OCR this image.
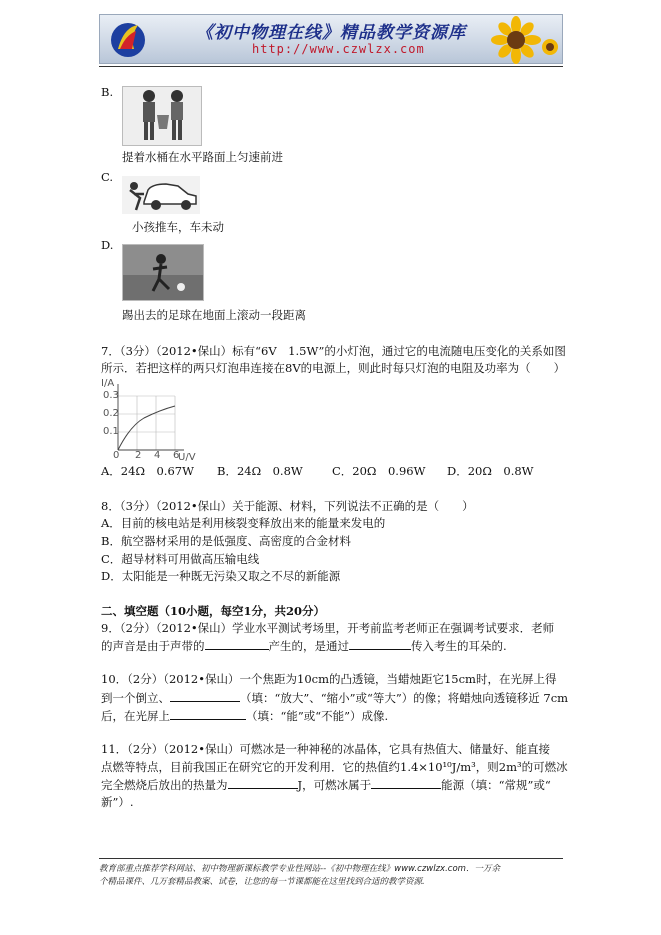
《初中物理在线》精品教学资源库
http://www.czwlzx.com
B.
提着水桶在水平路面上匀速前进
C.
小孩推车，车未动
D.
踢出去的足球在地面上滚动一段距离
7．（3分）（2012•保山）标有“6V　1.5W”的小灯泡，通过它的电流随电压变化的关系如图
所示．若把这样的两只灯泡串连接在8V的电源上，则此时每只灯泡的电阻及功率为（　　）
I/A
U/V
0.3
0.2
0.1
0 2 4 6
A．24Ω　0.67W B．24Ω　0.8W	C．20Ω　0.96W D．20Ω　0.8W
8．（3分）（2012•保山）关于能源、材料，下列说法不正确的是（　　）
A．目前的核电站是利用核裂变释放出来的能量来发电的
B．航空器材采用的是低强度、高密度的合金材料
C．超导材料可用做高压输电线
D．太阳能是一种既无污染又取之不尽的新能源
二、填空题（10小题，每空1分，共20分）
9．（2分）（2012•保山）学业水平测试考场里，开考前监考老师正在强调考试要求．老师
的声音是由于声带的	产生的，是通过	传入考生的耳朵的.
10．（2分）（2012•保山）一个焦距为10cm的凸透镜，当蜡烛距它15cm时，在光屏上得
到一个倒立、	（填：“放大”、“缩小”或“等大”）的像；将蜡烛向透镜移近 7cm
后，在光屏上	（填：“能”或“不能”）成像.
11．（2分）（2012•保山）可燃冰是一种神秘的冰晶体，它具有热值大、储量好、能直接
点燃等特点，目前我国正在研究它的开发利用．它的热值约1.4×10¹⁰J/m³，则2m³的可燃冰
完全燃烧后放出的热量为	J，可燃冰属于	能源（填：“常规”或“
新”）.
教育部重点推荐学科网站、初中物理新课标教学专业性网站--《初中物理在线》www.czwlzx.com．一万余
个精品课件、几万套精品教案、试卷，让您的每一节课都能在这里找到合适的教学资源.
